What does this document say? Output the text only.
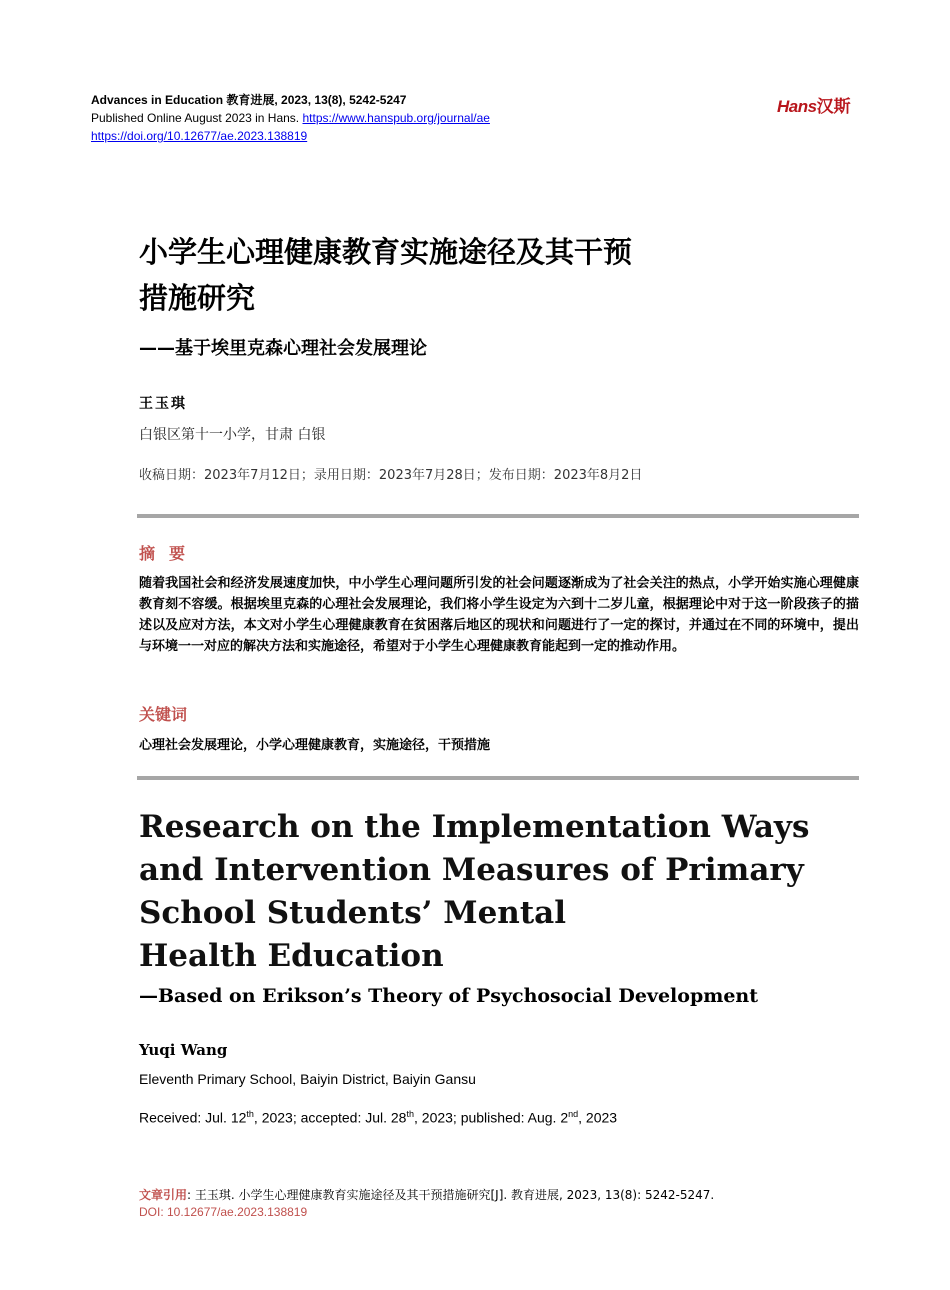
Advances in Education 教育进展, 2023, 13(8), 5242-5247
Published Online August 2023 in Hans. https://www.hanspub.org/journal/ae
https://doi.org/10.12677/ae.2023.138819
Hans汉斯
小学生心理健康教育实施途径及其干预
措施研究
——基于埃里克森心理社会发展理论
王玉琪
白银区第十一小学，甘肃 白银
收稿日期：2023年7月12日；录用日期：2023年7月28日；发布日期：2023年8月2日
摘要
随着我国社会和经济发展速度加快，中小学生心理问题所引发的社会问题逐渐成为了社会关注的热点，小学开始实施心理健康教育刻不容缓。根据埃里克森的心理社会发展理论，我们将小学生设定为六到十二岁儿童，根据理论中对于这一阶段孩子的描述以及应对方法，本文对小学生心理健康教育在贫困落后地区的现状和问题进行了一定的探讨，并通过在不同的环境中，提出与环境一一对应的解决方法和实施途径，希望对于小学生心理健康教育能起到一定的推动作用。
关键词
心理社会发展理论，小学心理健康教育，实施途径，干预措施
Research on the Implementation Ways
and Intervention Measures of Primary
School Students’ Mental
Health Education
—Based on Erikson’s Theory of Psychosocial Development
Yuqi Wang
Eleventh Primary School, Baiyin District, Baiyin Gansu
Received: Jul. 12th, 2023; accepted: Jul. 28th, 2023; published: Aug. 2nd, 2023
文章引用: 王玉琪. 小学生心理健康教育实施途径及其干预措施研究[J]. 教育进展, 2023, 13(8): 5242-5247.
DOI: 10.12677/ae.2023.138819
